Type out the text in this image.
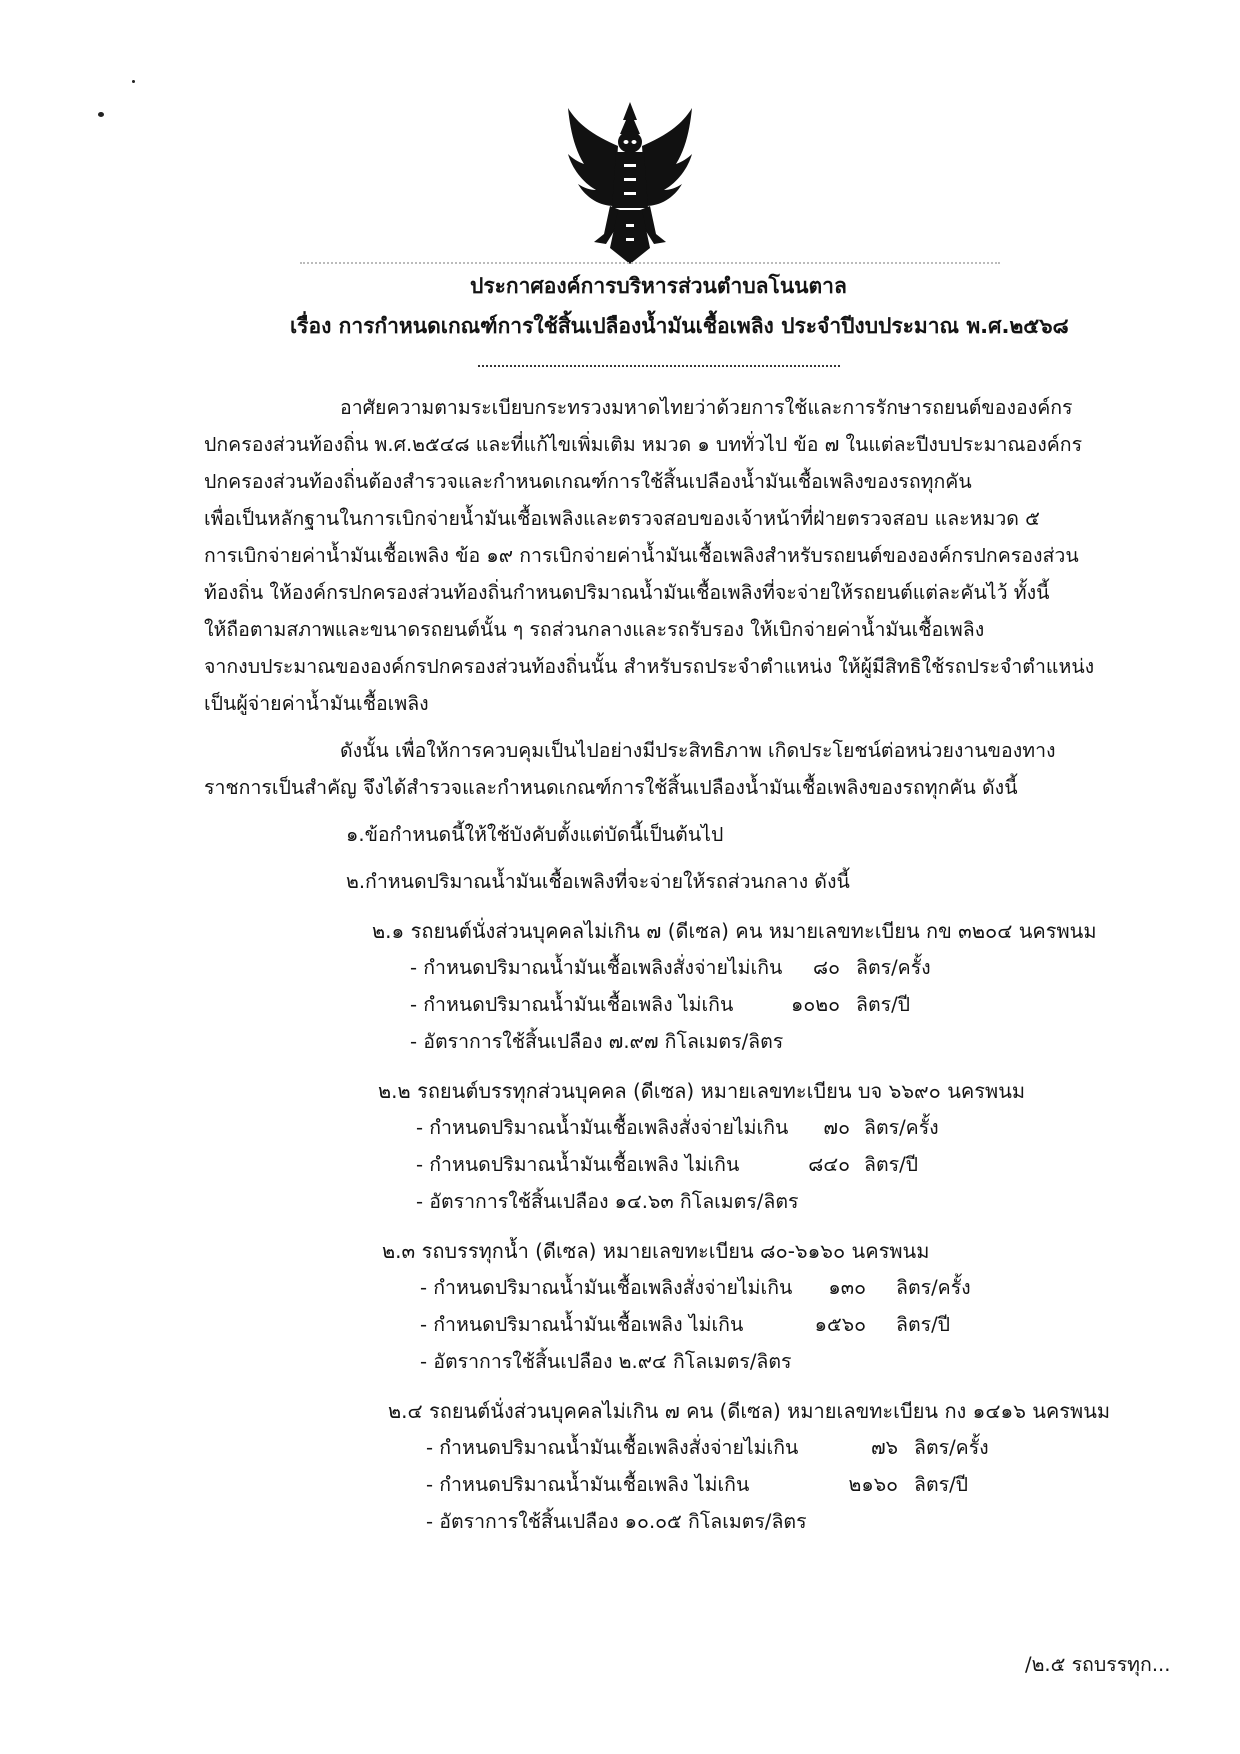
ประกาศองค์การบริหารส่วนตำบลโนนตาล
เรื่อง การกำหนดเกณฑ์การใช้สิ้นเปลืองน้ำมันเชื้อเพลิง ประจำปีงบประมาณ พ.ศ.๒๕๖๘
อาศัยความตามระเบียบกระทรวงมหาดไทยว่าด้วยการใช้และการรักษารถยนต์ขององค์กร
ปกครองส่วนท้องถิ่น พ.ศ.๒๕๔๘ และที่แก้ไขเพิ่มเติม หมวด ๑ บททั่วไป ข้อ ๗ ในแต่ละปีงบประมาณองค์กร
ปกครองส่วนท้องถิ่นต้องสำรวจและกำหนดเกณฑ์การใช้สิ้นเปลืองน้ำมันเชื้อเพลิงของรถทุกคัน
เพื่อเป็นหลักฐานในการเบิกจ่ายน้ำมันเชื้อเพลิงและตรวจสอบของเจ้าหน้าที่ฝ่ายตรวจสอบ และหมวด ๕
การเบิกจ่ายค่าน้ำมันเชื้อเพลิง ข้อ ๑๙ การเบิกจ่ายค่าน้ำมันเชื้อเพลิงสำหรับรถยนต์ขององค์กรปกครองส่วน
ท้องถิ่น ให้องค์กรปกครองส่วนท้องถิ่นกำหนดปริมาณน้ำมันเชื้อเพลิงที่จะจ่ายให้รถยนต์แต่ละคันไว้ ทั้งนี้
ให้ถือตามสภาพและขนาดรถยนต์นั้น ๆ รถส่วนกลางและรถรับรอง ให้เบิกจ่ายค่าน้ำมันเชื้อเพลิง
จากงบประมาณขององค์กรปกครองส่วนท้องถิ่นนั้น สำหรับรถประจำตำแหน่ง ให้ผู้มีสิทธิใช้รถประจำตำแหน่ง
เป็นผู้จ่ายค่าน้ำมันเชื้อเพลิง
ดังนั้น เพื่อให้การควบคุมเป็นไปอย่างมีประสิทธิภาพ เกิดประโยชน์ต่อหน่วยงานของทาง
ราชการเป็นสำคัญ จึงได้สำรวจและกำหนดเกณฑ์การใช้สิ้นเปลืองน้ำมันเชื้อเพลิงของรถทุกคัน ดังนี้
๑.ข้อกำหนดนี้ให้ใช้บังคับตั้งแต่บัดนี้เป็นต้นไป
๒.กำหนดปริมาณน้ำมันเชื้อเพลิงที่จะจ่ายให้รถส่วนกลาง ดังนี้
๒.๑ รถยนต์นั่งส่วนบุคคลไม่เกิน ๗ (ดีเซล) คน หมายเลขทะเบียน กข ๓๒๐๔ นครพนม
- กำหนดปริมาณน้ำมันเชื้อเพลิงสั่งจ่ายไม่เกิน	๘๐ ลิตร/ครั้ง
- กำหนดปริมาณน้ำมันเชื้อเพลิง ไม่เกิน	๑๐๒๐ ลิตร/ปี
- อัตราการใช้สิ้นเปลือง ๗.๙๗ กิโลเมตร/ลิตร
๒.๒ รถยนต์บรรทุกส่วนบุคคล (ดีเซล) หมายเลขทะเบียน บจ ๖๖๙๐ นครพนม
- กำหนดปริมาณน้ำมันเชื้อเพลิงสั่งจ่ายไม่เกิน	๗๐ ลิตร/ครั้ง
- กำหนดปริมาณน้ำมันเชื้อเพลิง ไม่เกิน	๘๔๐ ลิตร/ปี
- อัตราการใช้สิ้นเปลือง ๑๔.๖๓ กิโลเมตร/ลิตร
๒.๓ รถบรรทุกน้ำ (ดีเซล) หมายเลขทะเบียน ๘๐-๖๑๖๐ นครพนม
- กำหนดปริมาณน้ำมันเชื้อเพลิงสั่งจ่ายไม่เกิน	๑๓๐ ลิตร/ครั้ง
- กำหนดปริมาณน้ำมันเชื้อเพลิง ไม่เกิน	๑๕๖๐ ลิตร/ปี
- อัตราการใช้สิ้นเปลือง ๒.๙๔ กิโลเมตร/ลิตร
๒.๔ รถยนต์นั่งส่วนบุคคลไม่เกิน ๗ คน (ดีเซล) หมายเลขทะเบียน กง ๑๔๑๖ นครพนม
- กำหนดปริมาณน้ำมันเชื้อเพลิงสั่งจ่ายไม่เกิน	๗๖ ลิตร/ครั้ง
- กำหนดปริมาณน้ำมันเชื้อเพลิง ไม่เกิน	๒๑๖๐ ลิตร/ปี
- อัตราการใช้สิ้นเปลือง ๑๐.๐๕ กิโลเมตร/ลิตร
/๒.๕ รถบรรทุก...
